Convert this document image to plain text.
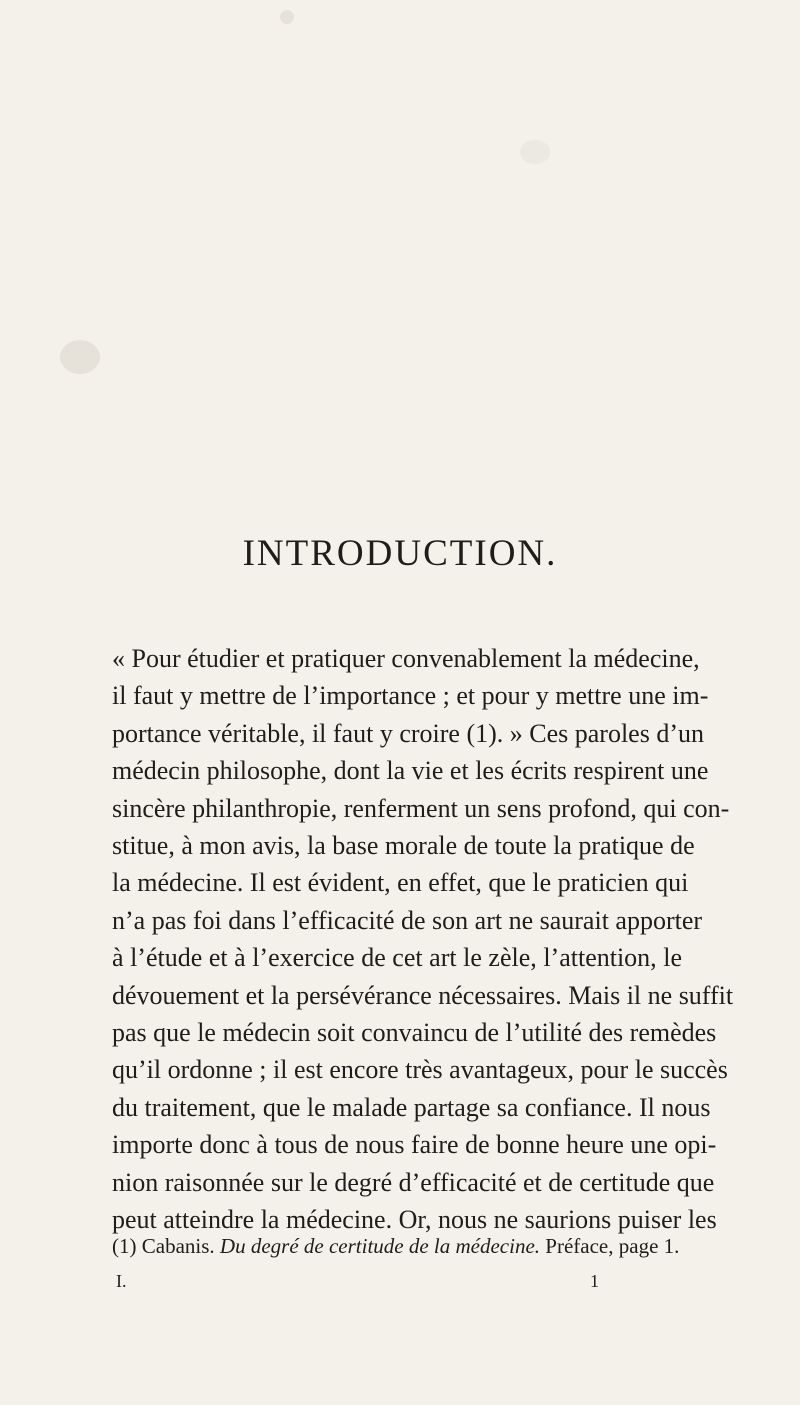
INTRODUCTION.
« Pour étudier et pratiquer convenablement la médecine,
il faut y mettre de l’importance ; et pour y mettre une im-
portance véritable, il faut y croire (1). » Ces paroles d’un
médecin philosophe, dont la vie et les écrits respirent une
sincère philanthropie, renferment un sens profond, qui con-
stitue, à mon avis, la base morale de toute la pratique de
la médecine. Il est évident, en effet, que le praticien qui
n’a pas foi dans l’efficacité de son art ne saurait apporter
à l’étude et à l’exercice de cet art le zèle, l’attention, le
dévouement et la persévérance nécessaires. Mais il ne suffit
pas que le médecin soit convaincu de l’utilité des remèdes
qu’il ordonne ; il est encore très avantageux, pour le succès
du traitement, que le malade partage sa confiance. Il nous
importe donc à tous de nous faire de bonne heure une opi-
nion raisonnée sur le degré d’efficacité et de certitude que
peut atteindre la médecine. Or, nous ne saurions puiser les

(1) Cabanis. Du degré de certitude de la médecine. Préface, page 1.

I.	1
